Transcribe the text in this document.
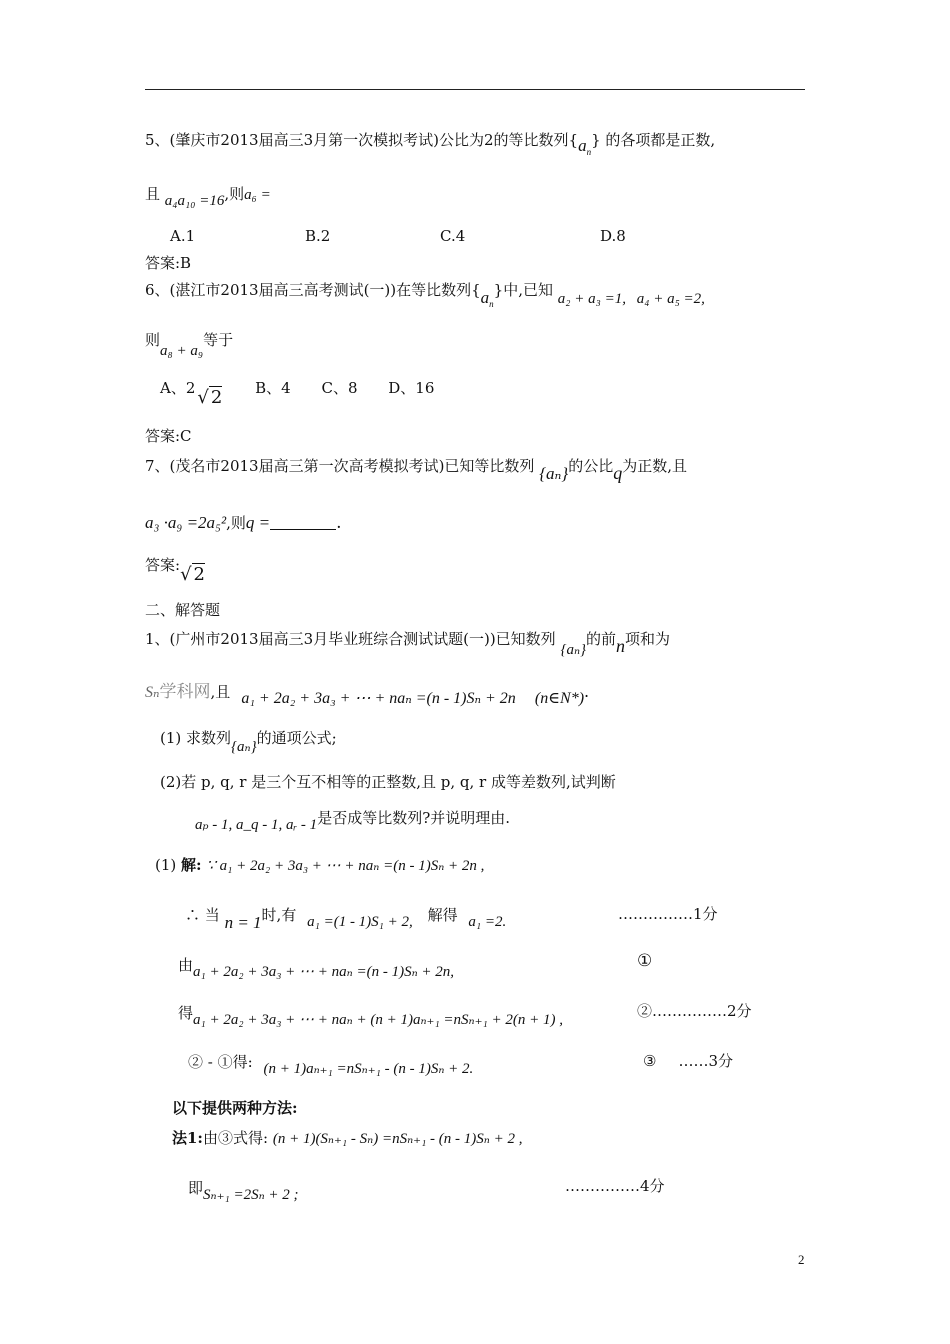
5、(肇庆市2013届高三3月第一次模拟考试)公比为2的等比数列$\{a_n\}$ 的各项都是正数,
且 a₄a₁₀ =16,则a₆ =
A.1	B.2	C.4	D.8
答案:B
6、(湛江市2013届高三高考测试(一))在等比数列$\{a_n\}$中,已知 a₂ + a₃ =1, a₄ + a₅ =2,
则a₈ + a₉等于
A、2 √ 2 B、4 C、8 D、16
答案:C
7、(茂名市2013届高三第一次高考模拟考试)已知等比数列 {aₙ}的公比q为正数,且
a₃ ·a₉ =2a₅²,则q =	.
答案:√ 2
二、解答题
1、(广州市2013届高三3月毕业班综合测试试题(一))已知数列 {aₙ}的前n项和为
Sₙ学科网,且 a₁ + 2a₂ + 3a₃ + ⋯ + naₙ =(n - 1)Sₙ + 2n (n∈N*).
(1) 求数列{aₙ}的通项公式;
(2)若 p, q, r 是三个互不相等的正整数,且 p, q, r 成等差数列,试判断
aₚ - 1, a_q - 1, aᵣ - 1是否成等比数列?并说明理由.
(1) 解: ∵ a₁ + 2a₂ + 3a₃ + ⋯ + naₙ =(n - 1)Sₙ + 2n ,
∴ 当 n = 1时,有 a₁ =(1 - 1)S₁ + 2, 解得 a₁ =2.	……………1分
由a₁ + 2a₂ + 3a₃ + ⋯ + naₙ =(n - 1)Sₙ + 2n,
①
得a₁ + 2a₂ + 3a₃ + ⋯ + naₙ + (n + 1)aₙ₊₁ =nSₙ₊₁ + 2(n + 1) ,	②……………2分
② - ①得: (n + 1)aₙ₊₁ =nSₙ₊₁ - (n - 1)Sₙ + 2.	③ ……3分
以下提供两种方法:
法1:由③式得: (n + 1)(Sₙ₊₁ - Sₙ) =nSₙ₊₁ - (n - 1)Sₙ + 2 ,
即Sₙ₊₁ =2Sₙ + 2 ;	……………4分
2
